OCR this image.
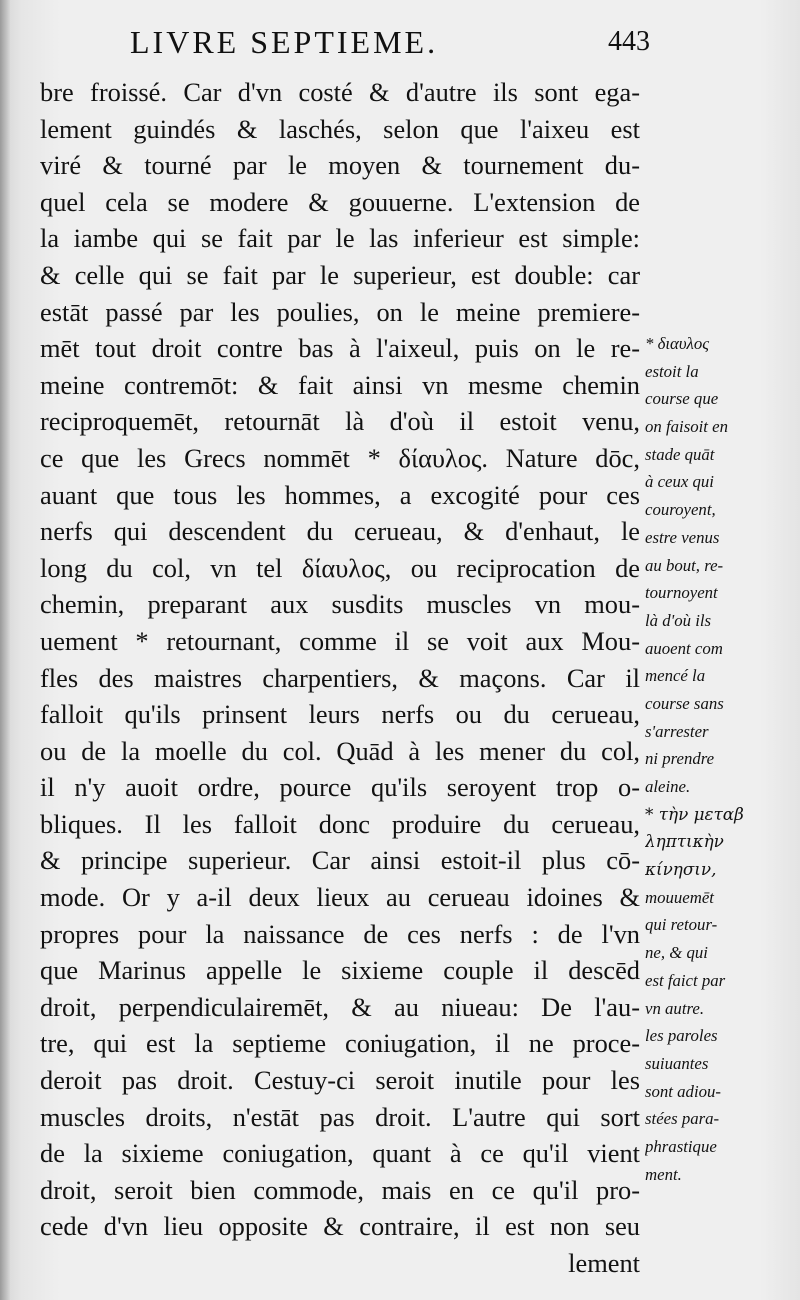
LIVRE SEPTIEME.	443
bre froissé. Car d'vn costé & d'autre ils sont ega-
lement guindés & laschés, selon que l'aixeu est
viré & tourné par le moyen & tournement du-
quel cela se modere & gouuerne. L'extension de
la iambe qui se fait par le las inferieur est simple:
& celle qui se fait par le superieur, est double: car
estāt passé par les poulies, on le meine premiere-
mēt tout droit contre bas à l'aixeul, puis on le re-
meine contremōt: & fait ainsi vn mesme chemin
reciproquemēt, retournāt là d'où il estoit venu,
ce que les Grecs nommēt * δίαυλος. Nature dōc,
auant que tous les hommes, a excogité pour ces
nerfs qui descendent du cerueau, & d'enhaut, le
long du col, vn tel δίαυλος, ou reciprocation de
chemin, preparant aux susdits muscles vn mou-
uement * retournant, comme il se voit aux Mou-
fles des maistres charpentiers, & maçons. Car il
falloit qu'ils prinsent leurs nerfs ou du cerueau,
ou de la moelle du col. Quād à les mener du col,
il n'y auoit ordre, pource qu'ils seroyent trop o-
bliques. Il les falloit donc produire du cerueau,
& principe superieur. Car ainsi estoit-il plus cō-
mode. Or y a-il deux lieux au cerueau idoines &
propres pour la naissance de ces nerfs : de l'vn
que Marinus appelle le sixieme couple il descēd
droit, perpendiculairemēt, & au niueau: De l'au-
tre, qui est la septieme coniugation, il ne proce-
deroit pas droit. Cestuy-ci seroit inutile pour les
muscles droits, n'estāt pas droit. L'autre qui sort
de la sixieme coniugation, quant à ce qu'il vient
droit, seroit bien commode, mais en ce qu'il pro-
cede d'vn lieu opposite & contraire, il est non seu
lement
* διαυλος
estoit la
course que
on faisoit en
stade quāt
à ceux qui
couroyent,
estre venus
au bout, re-
tournoyent
là d'où ils
auoent com
mencé la
course sans
s'arrester
ni prendre
aleine.
* τὴν μεταβ
ληπτικὴν
κίνησιν,
mouuemēt
qui retour-
ne, & qui
est faict par
vn autre.
les paroles
suiuantes
sont adiou-
stées para-
phrastique
ment.
